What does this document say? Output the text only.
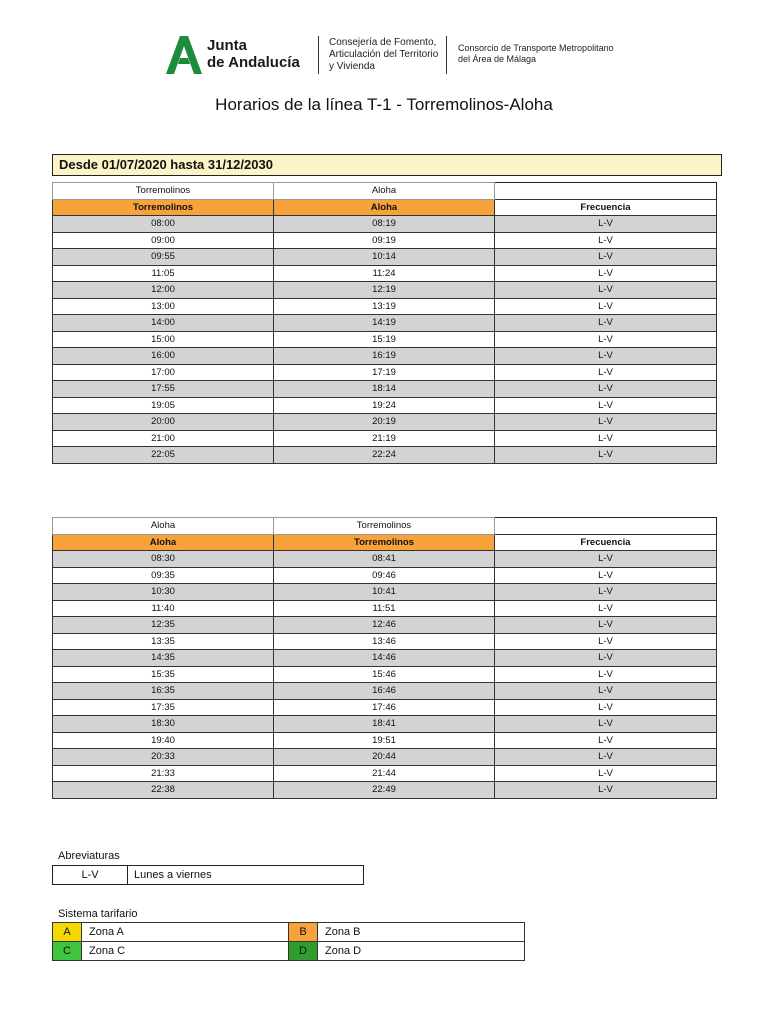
Junta
de Andalucía
Consejería de Fomento,
Articulación del Territorio
y Vivienda
Consorcio de Transporte Metropolitano
del Área de Málaga
Horarios de la línea T-1 - Torremolinos-Aloha
Desde 01/07/2020 hasta 31/12/2030
Torremolinos	Aloha	
Torremolinos	Aloha	Frecuencia
08:00	08:19	L-V
09:00	09:19	L-V
09:55	10:14	L-V
11:05	11:24	L-V
12:00	12:19	L-V
13:00	13:19	L-V
14:00	14:19	L-V
15:00	15:19	L-V
16:00	16:19	L-V
17:00	17:19	L-V
17:55	18:14	L-V
19:05	19:24	L-V
20:00	20:19	L-V
21:00	21:19	L-V
22:05	22:24	L-V
Aloha	Torremolinos	
Aloha	Torremolinos	Frecuencia
08:30	08:41	L-V
09:35	09:46	L-V
10:30	10:41	L-V
11:40	11:51	L-V
12:35	12:46	L-V
13:35	13:46	L-V
14:35	14:46	L-V
15:35	15:46	L-V
16:35	16:46	L-V
17:35	17:46	L-V
18:30	18:41	L-V
19:40	19:51	L-V
20:33	20:44	L-V
21:33	21:44	L-V
22:38	22:49	L-V
Abreviaturas
L-V	Lunes a viernes
Sistema tarifario
A	Zona A	B	Zona B
C	Zona C	D	Zona D
